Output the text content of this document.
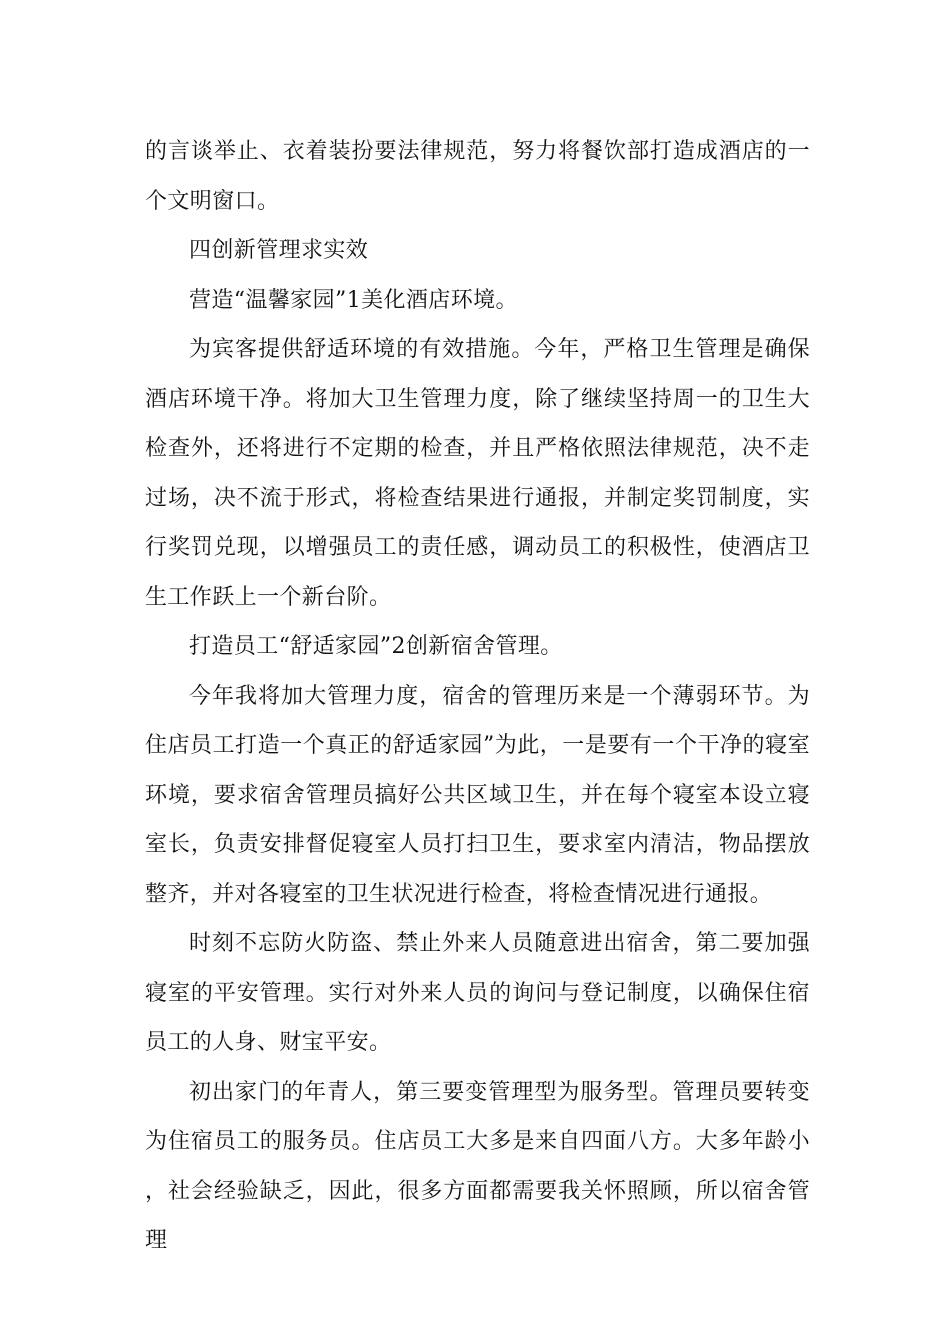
的言谈举止、衣着装扮要法律规范，努力将餐饮部打造成酒店的一个文明窗口。

四创新管理求实效

营造“温馨家园”1美化酒店环境。

为宾客提供舒适环境的有效措施。今年，严格卫生管理是确保酒店环境干净。将加大卫生管理力度，除了继续坚持周一的卫生大检查外，还将进行不定期的检查，并且严格依照法律规范，决不走过场，决不流于形式，将检查结果进行通报，并制定奖罚制度，实行奖罚兑现，以增强员工的责任感，调动员工的积极性，使酒店卫生工作跃上一个新台阶。

打造员工“舒适家园”2创新宿舍管理。

今年我将加大管理力度，宿舍的管理历来是一个薄弱环节。为住店员工打造一个真正的舒适家园”为此，一是要有一个干净的寝室环境，要求宿舍管理员搞好公共区域卫生，并在每个寝室本设立寝室长，负责安排督促寝室人员打扫卫生，要求室内清洁，物品摆放整齐，并对各寝室的卫生状况进行检查，将检查情况进行通报。

时刻不忘防火防盗、禁止外来人员随意进出宿舍，第二要加强寝室的平安管理。实行对外来人员的询问与登记制度，以确保住宿员工的人身、财宝平安。

初出家门的年青人，第三要变管理型为服务型。管理员要转变为住宿员工的服务员。住店员工大多是来自四面八方。大多年龄小，社会经验缺乏，因此，很多方面都需要我关怀照顾，所以宿舍管理
